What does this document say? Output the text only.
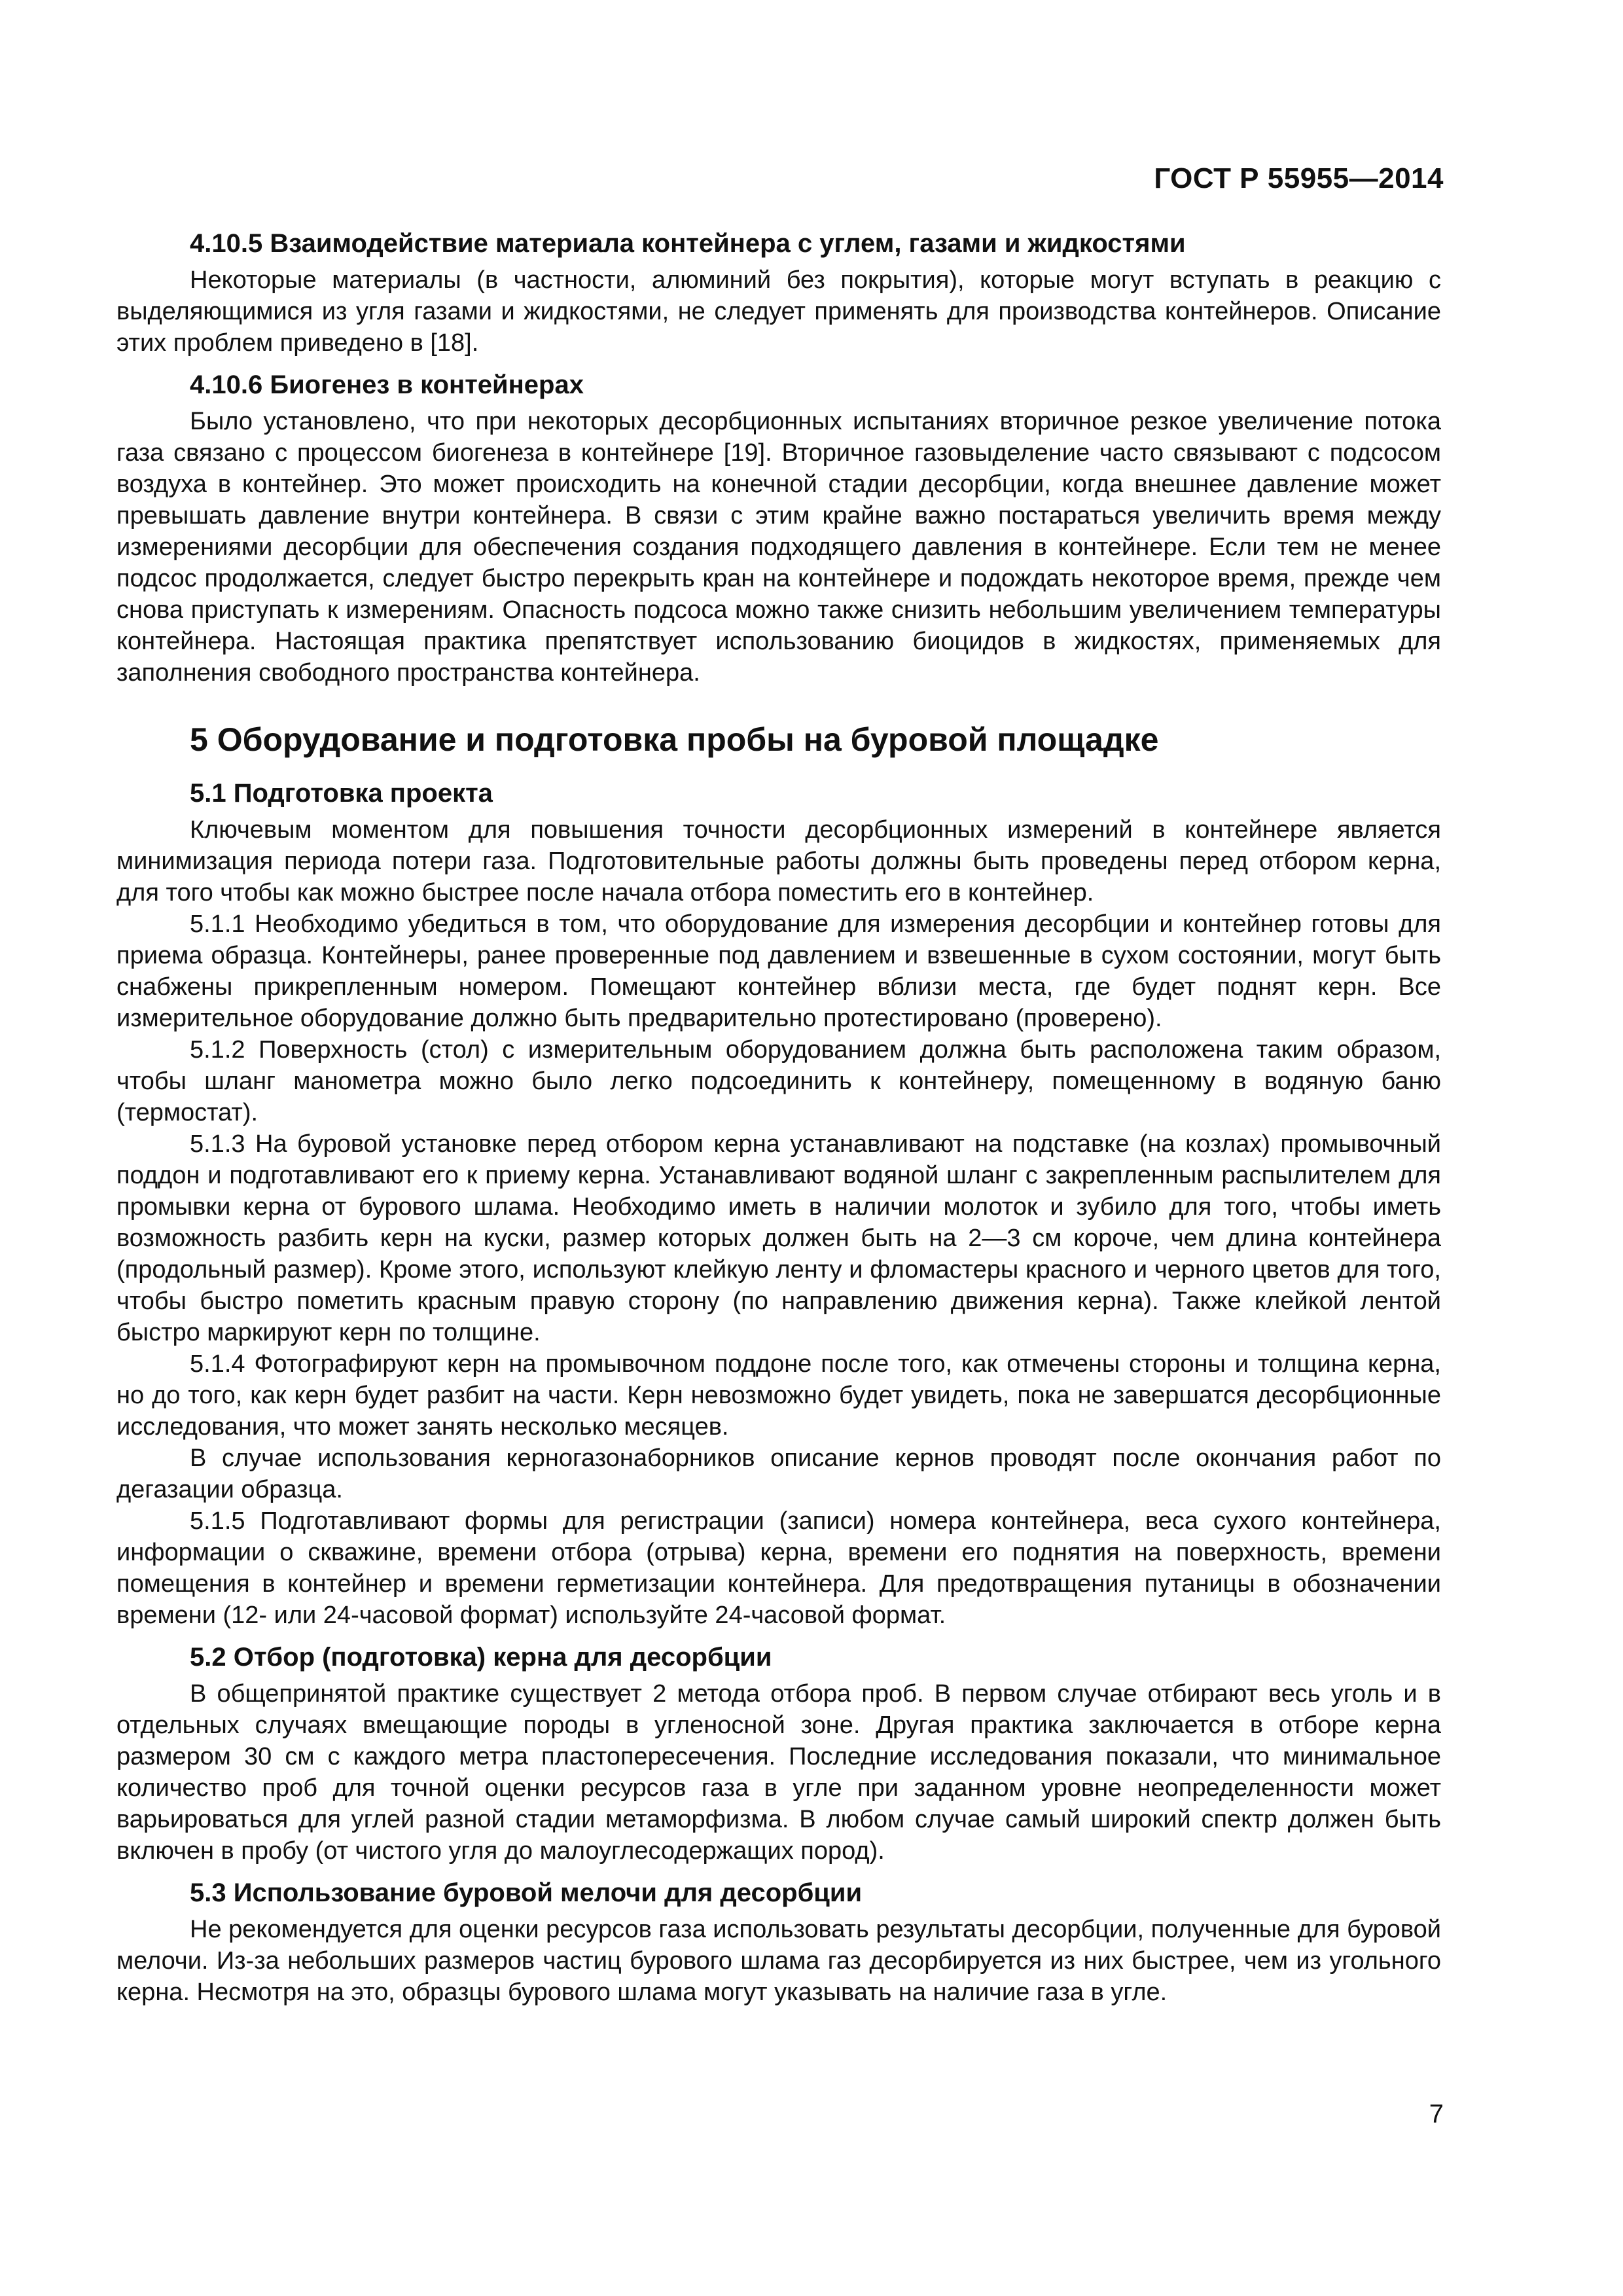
ГОСТ Р 55955—2014
4.10.5 Взаимодействие материала контейнера с углем, газами и жидкостями

Некоторые материалы (в частности, алюминий без покрытия), которые могут вступать в реакцию с выделяющимися из угля газами и жидкостями, не следует применять для производства контейнеров. Описание этих проблем приведено в [18].

4.10.6 Биогенез в контейнерах

Было установлено, что при некоторых десорбционных испытаниях вторичное резкое увеличение потока газа связано с процессом биогенеза в контейнере [19]. Вторичное газовыделение часто связывают с подсосом воздуха в контейнер. Это может происходить на конечной стадии десорбции, когда внешнее давление может превышать давление внутри контейнера. В связи с этим крайне важно постараться увеличить время между измерениями десорбции для обеспечения создания подходящего давления в контейнере. Если тем не менее подсос продолжается, следует быстро перекрыть кран на контейнере и подождать некоторое время, прежде чем снова приступать к измерениям. Опасность подсоса можно также снизить небольшим увеличением температуры контейнера. Настоящая практика препятствует использованию биоцидов в жидкостях, применяемых для заполнения свободного пространства контейнера.

5 Оборудование и подготовка пробы на буровой площадке
5.1 Подготовка проекта

Ключевым моментом для повышения точности десорбционных измерений в контейнере является минимизация периода потери газа. Подготовительные работы должны быть проведены перед отбором керна, для того чтобы как можно быстрее после начала отбора поместить его в контейнер.

5.1.1 Необходимо убедиться в том, что оборудование для измерения десорбции и контейнер готовы для приема образца. Контейнеры, ранее проверенные под давлением и взвешенные в сухом состоянии, могут быть снабжены прикрепленным номером. Помещают контейнер вблизи места, где будет поднят керн. Все измерительное оборудование должно быть предварительно протестировано (проверено).

5.1.2 Поверхность (стол) с измерительным оборудованием должна быть расположена таким образом, чтобы шланг манометра можно было легко подсоединить к контейнеру, помещенному в водяную баню (термостат).

5.1.3 На буровой установке перед отбором керна устанавливают на подставке (на козлах) промывочный поддон и подготавливают его к приему керна. Устанавливают водяной шланг с закрепленным распылителем для промывки керна от бурового шлама. Необходимо иметь в наличии молоток и зубило для того, чтобы иметь возможность разбить керн на куски, размер которых должен быть на 2—3 см короче, чем длина контейнера (продольный размер). Кроме этого, используют клейкую ленту и фломастеры красного и черного цветов для того, чтобы быстро пометить красным правую сторону (по направлению движения керна). Также клейкой лентой быстро маркируют керн по толщине.

5.1.4 Фотографируют керн на промывочном поддоне после того, как отмечены стороны и толщина керна, но до того, как керн будет разбит на части. Керн невозможно будет увидеть, пока не завершатся десорбционные исследования, что может занять несколько месяцев.

В случае использования керногазонаборников описание кернов проводят после окончания работ по дегазации образца.

5.1.5 Подготавливают формы для регистрации (записи) номера контейнера, веса сухого контейнера, информации о скважине, времени отбора (отрыва) керна, времени его поднятия на поверхность, времени помещения в контейнер и времени герметизации контейнера. Для предотвращения путаницы в обозначении времени (12- или 24-часовой формат) используйте 24-часовой формат.

5.2 Отбор (подготовка) керна для десорбции

В общепринятой практике существует 2 метода отбора проб. В первом случае отбирают весь уголь и в отдельных случаях вмещающие породы в угленосной зоне. Другая практика заключается в отборе керна размером 30 см с каждого метра пластопересечения. Последние исследования показали, что минимальное количество проб для точной оценки ресурсов газа в угле при заданном уровне неопределенности может варьироваться для углей разной стадии метаморфизма. В любом случае самый широкий спектр должен быть включен в пробу (от чистого угля до малоуглесодержащих пород).

5.3 Использование буровой мелочи для десорбции

Не рекомендуется для оценки ресурсов газа использовать результаты десорбции, полученные для буровой мелочи. Из-за небольших размеров частиц бурового шлама газ десорбируется из них быстрее, чем из угольного керна. Несмотря на это, образцы бурового шлама могут указывать на наличие газа в угле.

7
